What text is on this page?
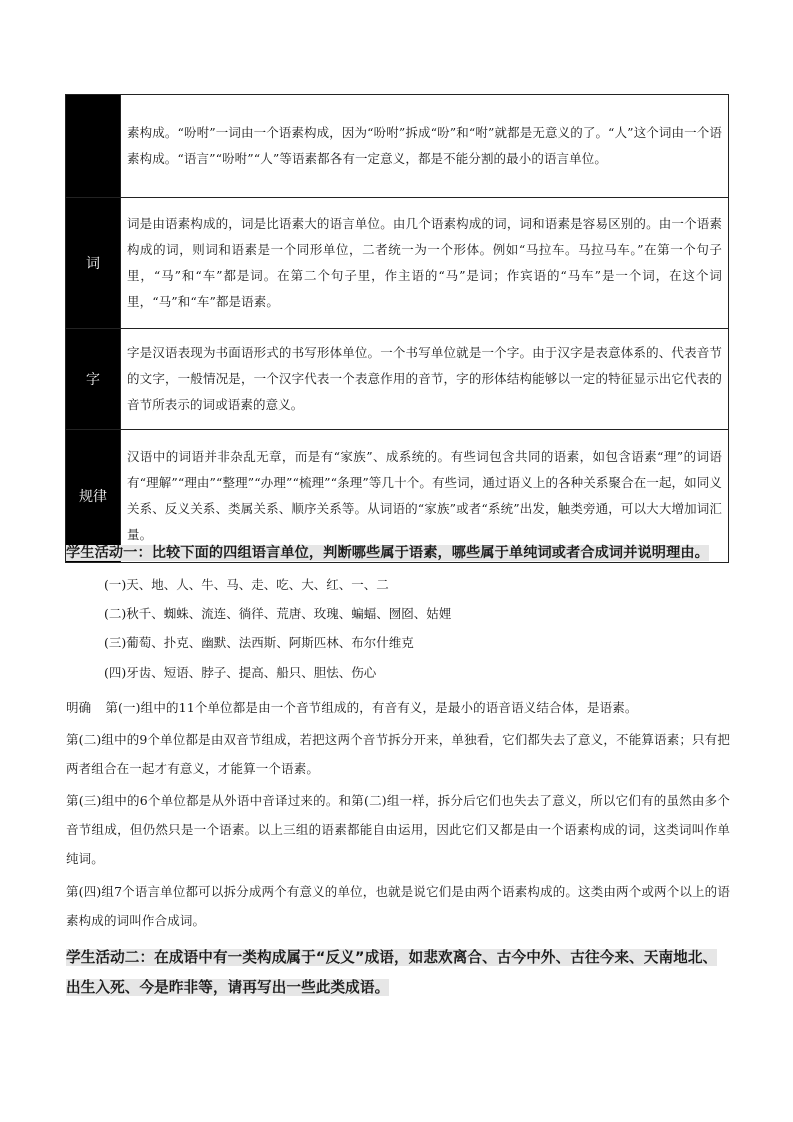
	素构成。“吩咐”一词由一个语素构成，因为“吩咐”拆成“吩”和“咐”就都是无意义的了。“人”这个词由一个语素构成。“语言”“吩咐”“人”等语素都各有一定意义，都是不能分割的最小的语言单位。
词	词是由语素构成的，词是比语素大的语言单位。由几个语素构成的词，词和语素是容易区别的。由一个语素构成的词，则词和语素是一个同形单位，二者统一为一个形体。例如“马拉车。马拉马车。”在第一个句子里，“马”和“车”都是词。在第二个句子里，作主语的“马”是词；作宾语的“马车”是一个词，在这个词里，“马”和“车”都是语素。
字	字是汉语表现为书面语形式的书写形体单位。一个书写单位就是一个字。由于汉字是表意体系的、代表音节的文字，一般情况是，一个汉字代表一个表意作用的音节，字的形体结构能够以一定的特征显示出它代表的音节所表示的词或语素的意义。
规律	汉语中的词语并非杂乱无章，而是有“家族”、成系统的。有些词包含共同的语素，如包含语素“理”的词语有“理解”“理由”“整理”“办理”“梳理”“条理”等几十个。有些词，通过语义上的各种关系聚合在一起，如同义关系、反义关系、类属关系、顺序关系等。从词语的“家族”或者“系统”出发，触类旁通，可以大大增加词汇量。
学生活动一：比较下面的四组语言单位，判断哪些属于语素，哪些属于单纯词或者合成词并说明理由。
(一)天、地、人、牛、马、走、吃、大、红、一、二
(二)秋千、蜘蛛、流连、徜徉、荒唐、玫瑰、蝙蝠、囫囵、姑娌
(三)葡萄、扑克、幽默、法西斯、阿斯匹林、布尔什维克
(四)牙齿、短语、脖子、提高、船只、胆怯、伤心
明确 第(一)组中的11个单位都是由一个音节组成的，有音有义，是最小的语音语义结合体，是语素。
第(二)组中的9个单位都是由双音节组成，若把这两个音节拆分开来，单独看，它们都失去了意义，不能算语素；只有把两者组合在一起才有意义，才能算一个语素。
第(三)组中的6个单位都是从外语中音译过来的。和第(二)组一样，拆分后它们也失去了意义，所以它们有的虽然由多个音节组成，但仍然只是一个语素。以上三组的语素都能自由运用，因此它们又都是由一个语素构成的词，这类词叫作单纯词。
第(四)组7个语言单位都可以拆分成两个有意义的单位，也就是说它们是由两个语素构成的。这类由两个或两个以上的语素构成的词叫作合成词。
学生活动二：在成语中有一类构成属于“反义”成语，如悲欢离合、古今中外、古往今来、天南地北、出生入死、今是昨非等，请再写出一些此类成语。
